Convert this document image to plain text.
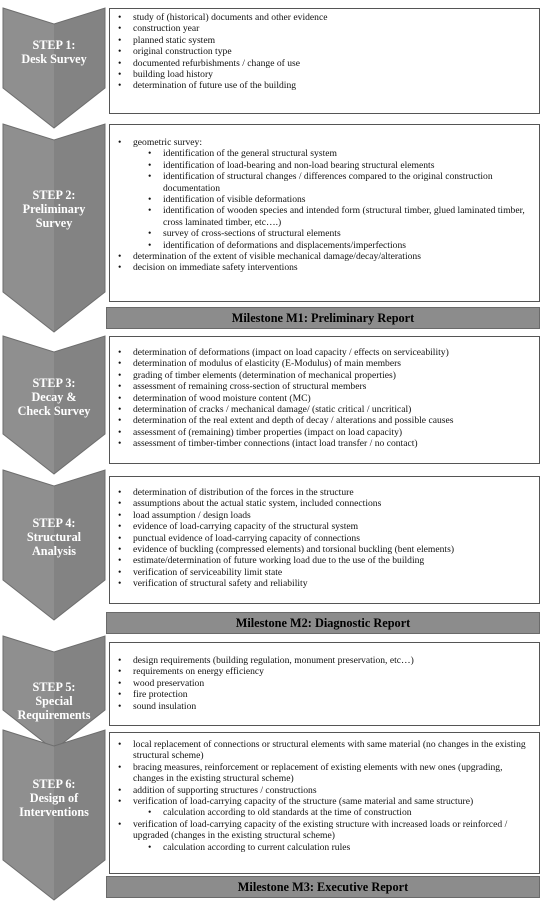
STEP 1:
Desk Survey
• study of (historical) documents and other evidence
• construction year
• planned static system
• original construction type
• documented refurbishments / change of use
• building load history
• determination of future use of the building
STEP 2:
Preliminary
Survey
• geometric survey:
• identification of the general structural system
• identification of load-bearing and non-load bearing structural elements
• identification of structural changes / differences compared to the original construction documentation
• identification of visible deformations
• identification of wooden species and intended form (structural timber, glued laminated timber, cross laminated timber, etc….)
• survey of cross-sections of structural elements
• identification of deformations and displacements/imperfections
• determination of the extent of visible mechanical damage/decay/alterations
• decision on immediate safety interventions
Milestone M1: Preliminary Report
STEP 3:
Decay &
Check Survey
• determination of deformations (impact on load capacity / effects on serviceability)
• determination of modulus of elasticity (E-Modulus) of main members
• grading of timber elements (determination of mechanical properties)
• assessment of remaining cross-section of structural members
• determination of wood moisture content (MC)
• determination of cracks / mechanical damage/ (static critical / uncritical)
• determination of the real extent and depth of decay / alterations and possible causes
• assessment of (remaining) timber properties (impact on load capacity)
• assessment of timber-timber connections (intact load transfer / no contact)
STEP 4:
Structural
Analysis
• determination of distribution of the forces in the structure
• assumptions about the actual static system, included connections
• load assumption / design loads
• evidence of load-carrying capacity of the structural system
• punctual evidence of load-carrying capacity of connections
• evidence of buckling (compressed elements) and torsional buckling (bent elements)
• estimate/determination of future working load due to the use of the building
• verification of serviceability limit state
• verification of structural safety and reliability
Milestone M2: Diagnostic Report
STEP 5:
Special
Requirements
• design requirements (building regulation, monument preservation, etc…)
• requirements on energy efficiency
• wood preservation
• fire protection
• sound insulation
STEP 6:
Design of
Interventions
• local replacement of connections or structural elements with same material (no changes in the existing structural scheme)
• bracing measures, reinforcement or replacement of existing elements with new ones (upgrading, changes in the existing structural scheme)
• addition of supporting structures / constructions
• verification of load-carrying capacity of the structure (same material and same structure)
• calculation according to old standards at the time of construction
• verification of load-carrying capacity of the existing structure with increased loads or reinforced / upgraded (changes in the existing structural scheme)
• calculation according to current calculation rules
Milestone M3: Executive Report
